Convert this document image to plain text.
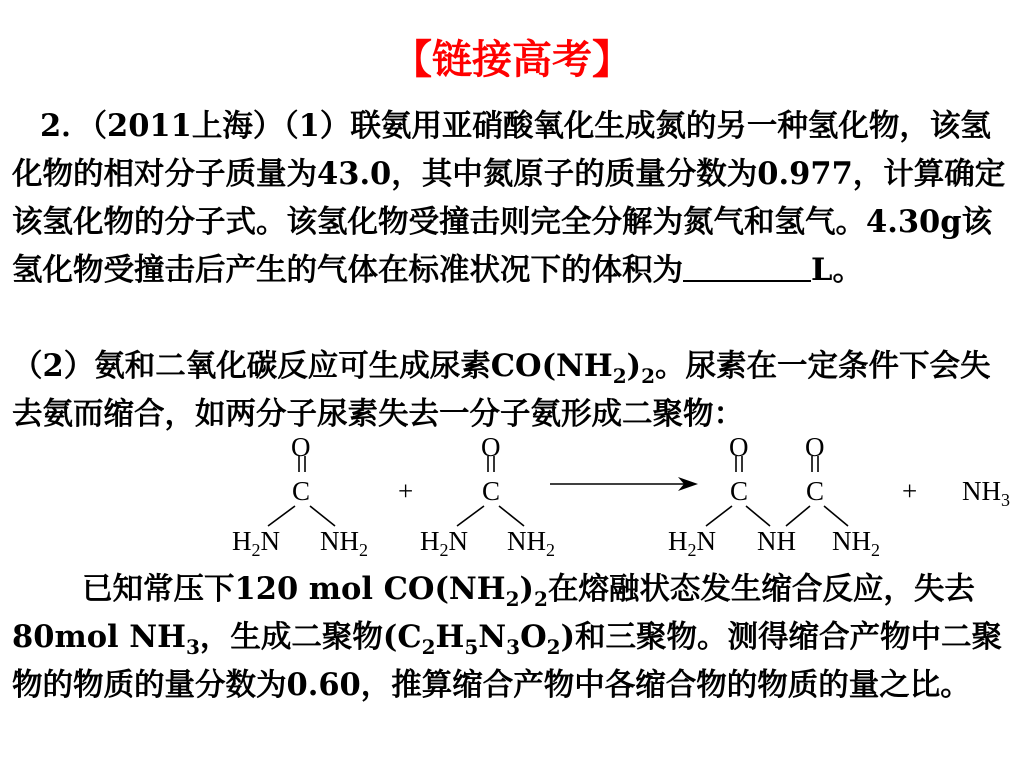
【链接高考】
2．（2011上海）（1）联氨用亚硝酸氧化生成氮的另一种氢化物，该氢化物的相对分子质量为43.0，其中氮原子的质量分数为0.977，计算确定该氢化物的分子式。该氢化物受撞击则完全分解为氮气和氢气。4.30g该氢化物受撞击后产生的气体在标准状况下的体积为	L。
（2）氨和二氧化碳反应可生成尿素$CO(NH_2)_2$。尿素在一定条件下会失去氨而缩合，如两分子尿素失去一分子氨形成二聚物：
O
C
$H_2N$ $NH_2$
+
O
C
$H_2N$ $NH_2$
O O
C C
$H_2N$ NH $NH_2$
+ $NH_3$
已知常压下120 mol $CO(NH_2)_2$在熔融状态发生缩合反应，失去80mol $NH_3$，生成二聚物$(C_2H_5N_3O_2)$和三聚物。测得缩合产物中二聚物的物质的量分数为0.60，推算缩合产物中各缩合物的物质的量之比。
